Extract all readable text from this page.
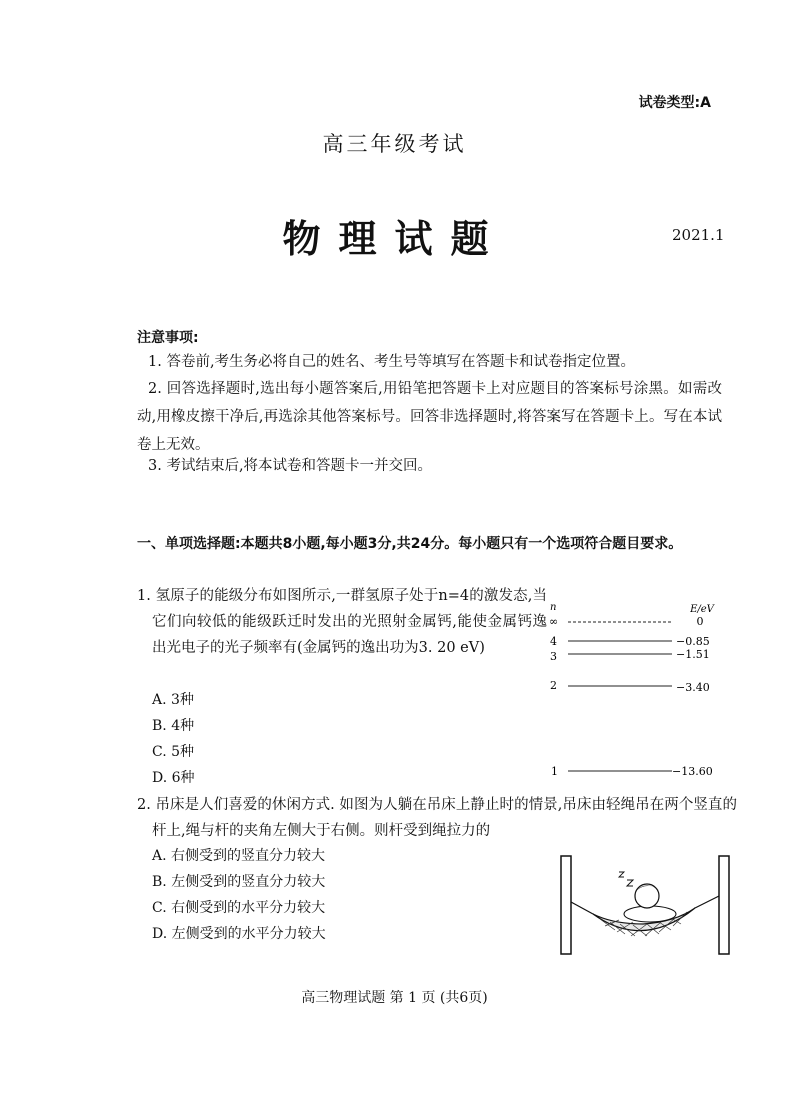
试卷类型:A
高三年级考试
物理试题	2021.1
注意事项:
1. 答卷前,考生务必将自己的姓名、考生号等填写在答题卡和试卷指定位置。
2. 回答选择题时,选出每小题答案后,用铅笔把答题卡上对应题目的答案标号涂黑。如需改动,用橡皮擦干净后,再选涂其他答案标号。回答非选择题时,将答案写在答题卡上。写在本试卷上无效。
3. 考试结束后,将本试卷和答题卡一并交回。
一、单项选择题:本题共8小题,每小题3分,共24分。每小题只有一个选项符合题目要求。
1. 氢原子的能级分布如图所示,一群氢原子处于n=4的激发态,当它们向较低的能级跃迁时发出的光照射金属钙,能使金属钙逸出光电子的光子频率有(金属钙的逸出功为3. 20 eV)
A. 3种
B. 4种
C. 5种
D. 6种
n	E/eV
∞	0
4	−0.85
3	−1.51
2	−3.40
1	−13.60
2. 吊床是人们喜爱的休闲方式. 如图为人躺在吊床上静止时的情景,吊床由轻绳吊在两个竖直的杆上,绳与杆的夹角左侧大于右侧。则杆受到绳拉力的
A. 右侧受到的竖直分力较大
B. 左侧受到的竖直分力较大
C. 右侧受到的水平分力较大
D. 左侧受到的水平分力较大
高三物理试题 第 1 页 (共6页)
